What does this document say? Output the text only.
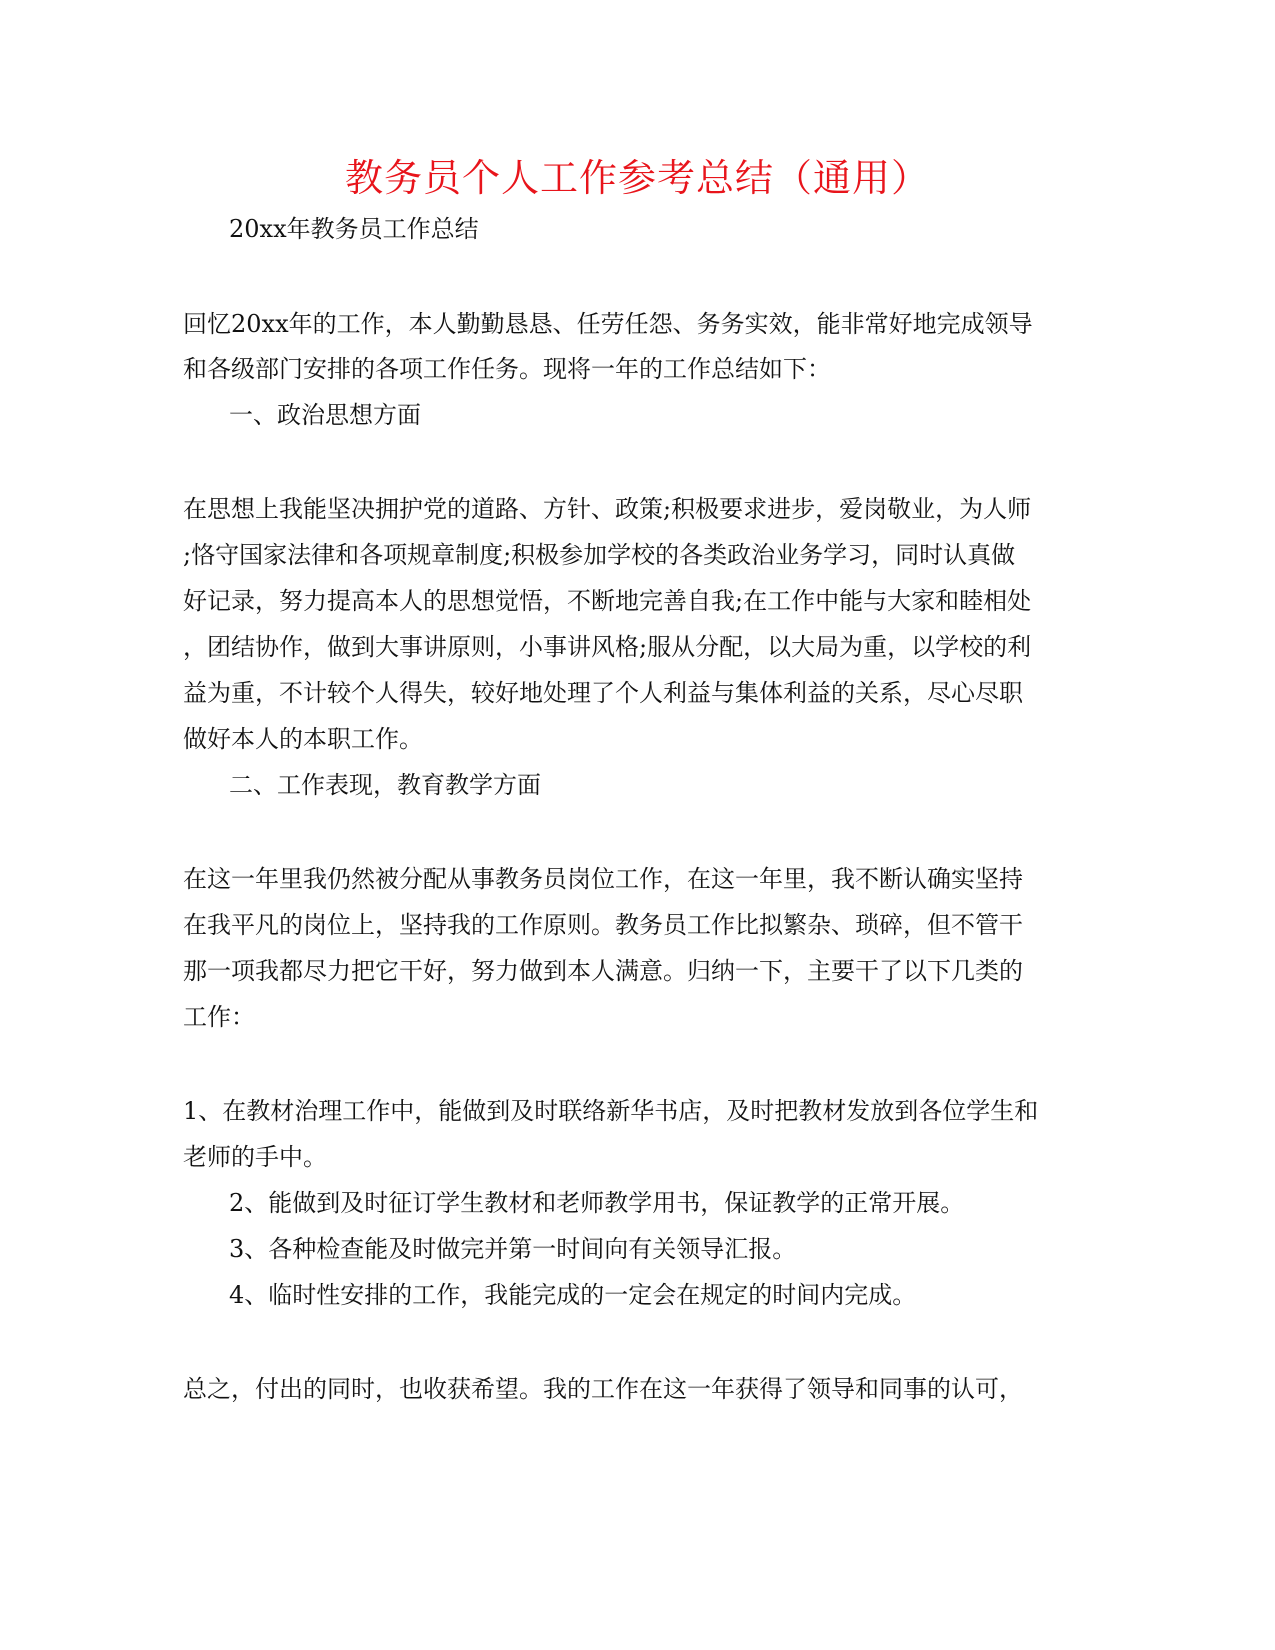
教务员个人工作参考总结（通用）
20xx年教务员工作总结
回忆20xx年的工作，本人勤勤恳恳、任劳任怨、务务实效，能非常好地完成领导
和各级部门安排的各项工作任务。现将一年的工作总结如下：
一、政治思想方面
在思想上我能坚决拥护党的道路、方针、政策;积极要求进步，爱岗敬业，为人师
;恪守国家法律和各项规章制度;积极参加学校的各类政治业务学习，同时认真做
好记录，努力提高本人的思想觉悟，不断地完善自我;在工作中能与大家和睦相处
，团结协作，做到大事讲原则，小事讲风格;服从分配，以大局为重，以学校的利
益为重，不计较个人得失，较好地处理了个人利益与集体利益的关系，尽心尽职
做好本人的本职工作。
二、工作表现，教育教学方面
在这一年里我仍然被分配从事教务员岗位工作，在这一年里，我不断认确实坚持
在我平凡的岗位上，坚持我的工作原则。教务员工作比拟繁杂、琐碎，但不管干
那一项我都尽力把它干好，努力做到本人满意。归纳一下，主要干了以下几类的
工作：
1、在教材治理工作中，能做到及时联络新华书店，及时把教材发放到各位学生和
老师的手中。
2、能做到及时征订学生教材和老师教学用书，保证教学的正常开展。
3、各种检查能及时做完并第一时间向有关领导汇报。
4、临时性安排的工作，我能完成的一定会在规定的时间内完成。
总之，付出的同时，也收获希望。我的工作在这一年获得了领导和同事的认可，
